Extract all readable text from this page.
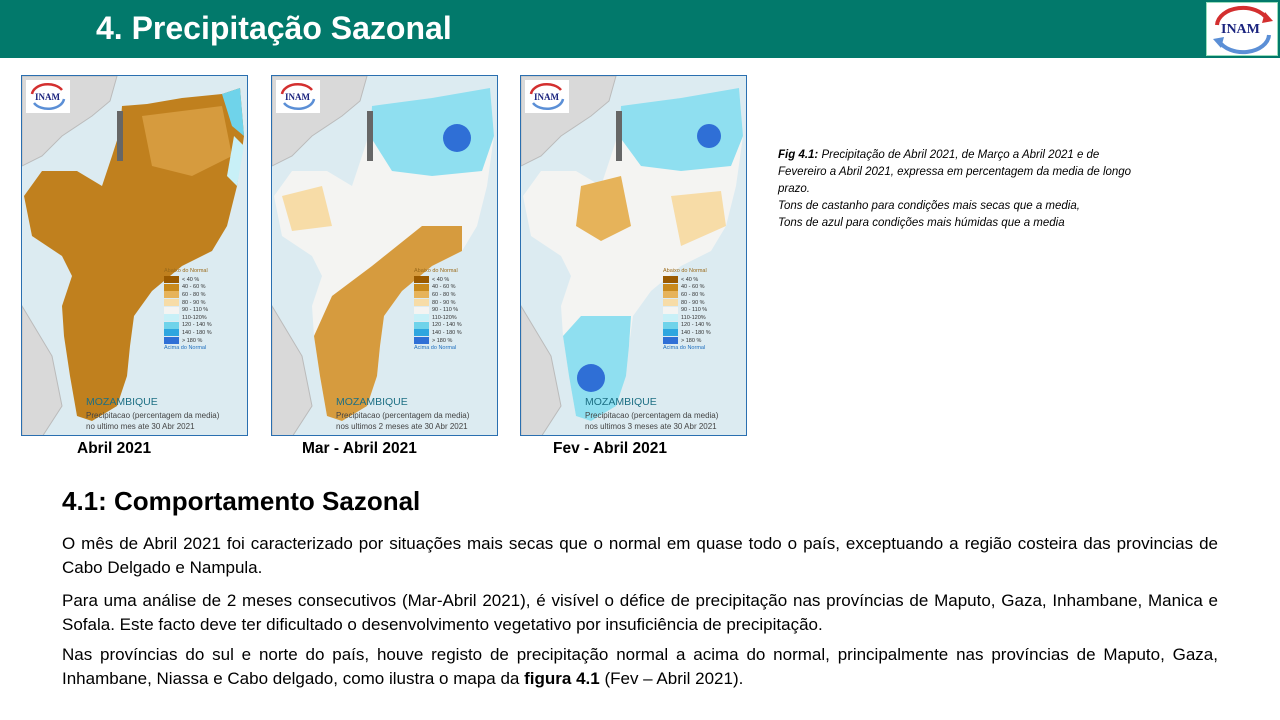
4. Precipitação Sazonal	INAM
INAM
Abaixo do Normal
< 40 %
40 - 60 %
60 - 80 %
80 - 90 %
90 - 110 %
110-120%
120 - 140 %
140 - 180 %
> 180 %
Acima do Normal
MOZAMBIQUE
Precipitacao (percentagem da media)
no ultimo mes ate 30 Abr 2021
Abril 2021
INAM
Abaixo do Normal
< 40 %
40 - 60 %
60 - 80 %
80 - 90 %
90 - 110 %
110-120%
120 - 140 %
140 - 180 %
> 180 %
Acima do Normal
MOZAMBIQUE
Precipitacao (percentagem da media)
nos ultimos 2 meses ate 30 Abr 2021
Mar - Abril 2021
INAM
Abaixo do Normal
< 40 %
40 - 60 %
60 - 80 %
80 - 90 %
90 - 110 %
110-120%
120 - 140 %
140 - 180 %
> 180 %
Acima do Normal
MOZAMBIQUE
Precipitacao (percentagem da media)
nos ultimos 3 meses ate 30 Abr 2021
Fev - Abril 2021
Fig 4.1: Precipitação de Abril 2021, de Março a Abril 2021 e de Fevereiro a Abril 2021, expressa em percentagem da media de longo prazo.
Tons de castanho para condições mais secas que a media,
Tons de azul para condições mais húmidas que a media
4.1: Comportamento Sazonal
O mês de Abril 2021 foi caracterizado por situações mais secas que o normal em quase todo o país, exceptuando a região costeira das provincias de Cabo Delgado e Nampula.
Para uma análise de 2 meses consecutivos (Mar-Abril 2021), é visível o défice de precipitação nas províncias de Maputo, Gaza, Inhambane, Manica e Sofala. Este facto deve ter dificultado o desenvolvimento vegetativo por insuficiência de precipitação.
Nas províncias do sul e norte do país, houve registo de precipitação normal a acima do normal, principalmente nas províncias de Maputo, Gaza, Inhambane, Niassa e Cabo delgado, como ilustra o mapa da figura 4.1 (Fev – Abril 2021).
